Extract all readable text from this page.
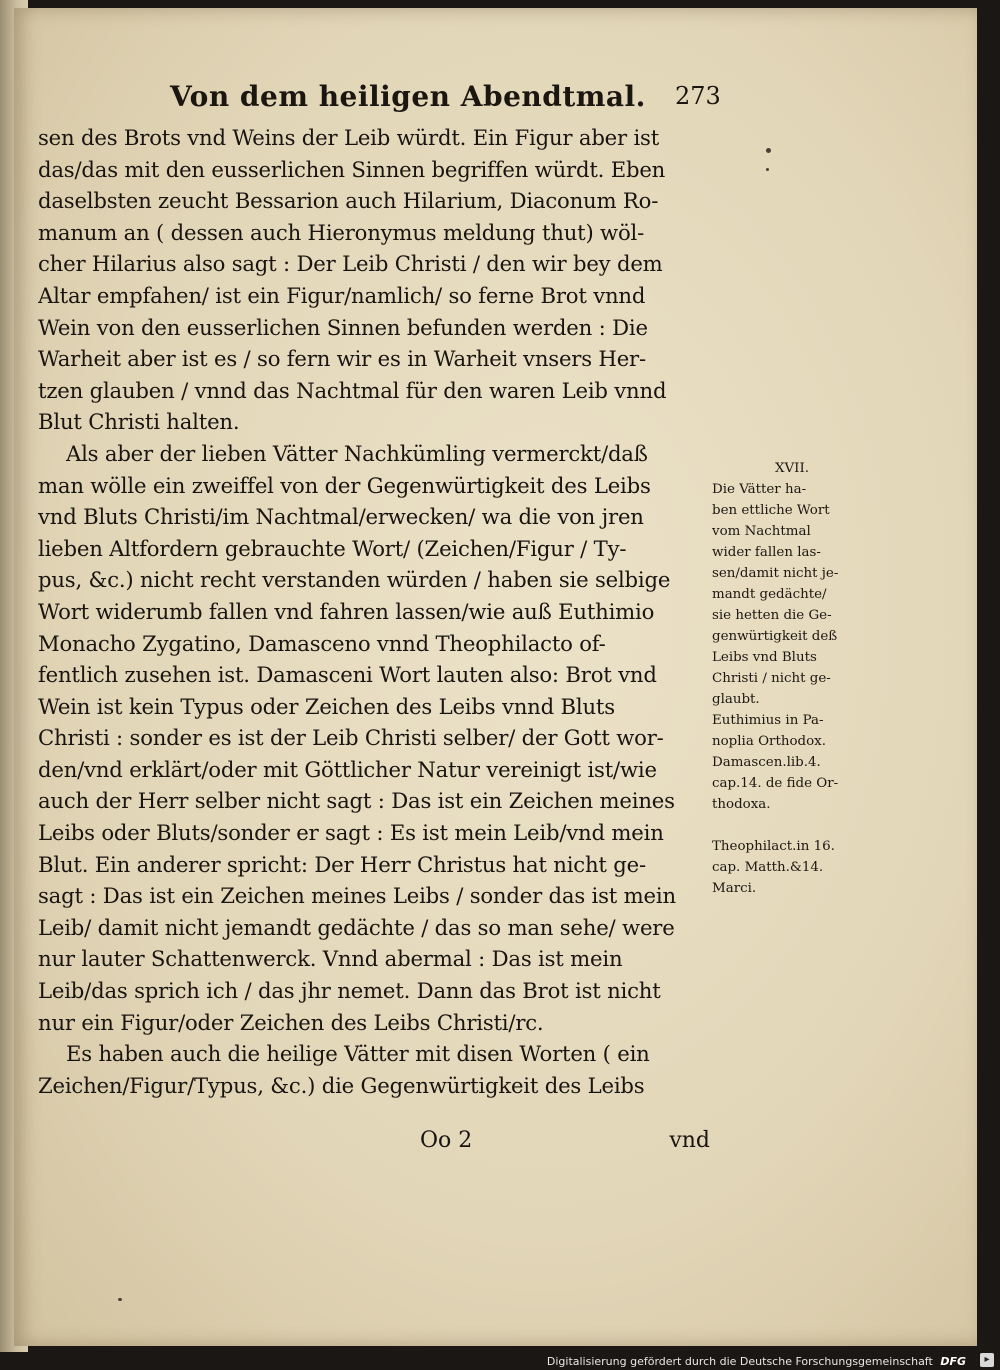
Von dem heiligen Abendtmal. 273
sen des Brots vnd Weins der Leib würdt. Ein Figur aber ist
das/das mit den eusserlichen Sinnen begriffen würdt. Eben
daselbsten zeucht Bessarion auch Hilarium, Diaconum Ro-
manum an ( dessen auch Hieronymus meldung thut) wöl-
cher Hilarius also sagt : Der Leib Christi / den wir bey dem
Altar empfahen/ ist ein Figur/namlich/ so ferne Brot vnnd
Wein von den eusserlichen Sinnen befunden werden : Die
Warheit aber ist es / so fern wir es in Warheit vnsers Her-
tzen glauben / vnnd das Nachtmal für den waren Leib vnnd
Blut Christi halten.
Als aber der lieben Vätter Nachkümling vermerckt/daß
man wölle ein zweiffel von der Gegenwürtigkeit des Leibs
vnd Bluts Christi/im Nachtmal/erwecken/ wa die von jren
lieben Altfordern gebrauchte Wort/ (Zeichen/Figur / Ty-
pus, &c.) nicht recht verstanden würden / haben sie selbige
Wort widerumb fallen vnd fahren lassen/wie auß Euthimio
Monacho Zygatino, Damasceno vnnd Theophilacto of-
fentlich zusehen ist. Damasceni Wort lauten also: Brot vnd
Wein ist kein Typus oder Zeichen des Leibs vnnd Bluts
Christi : sonder es ist der Leib Christi selber/ der Gott wor-
den/vnd erklärt/oder mit Göttlicher Natur vereinigt ist/wie
auch der Herr selber nicht sagt : Das ist ein Zeichen meines
Leibs oder Bluts/sonder er sagt : Es ist mein Leib/vnd mein
Blut. Ein anderer spricht: Der Herr Christus hat nicht ge-
sagt : Das ist ein Zeichen meines Leibs / sonder das ist mein
Leib/ damit nicht jemandt gedächte / das so man sehe/ were
nur lauter Schattenwerck. Vnnd abermal : Das ist mein
Leib/das sprich ich / das jhr nemet. Dann das Brot ist nicht
nur ein Figur/oder Zeichen des Leibs Christi/rc.
Es haben auch die heilige Vätter mit disen Worten ( ein
Zeichen/Figur/Typus, &c.) die Gegenwürtigkeit des Leibs
XVII.
Die Vätter ha-
ben ettliche Wort
vom Nachtmal
wider fallen las-
sen/damit nicht je-
mandt gedächte/
sie hetten die Ge-
genwürtigkeit deß
Leibs vnd Bluts
Christi / nicht ge-
glaubt.
Euthimius in Pa-
noplia Orthodox.
Damascen.lib.4.
cap.14. de fide Or-
thodoxa.
Theophilact.in 16.
cap. Matth.&14.
Marci.
Oo 2	vnd
Digitalisierung gefördert durch die Deutsche Forschungsgemeinschaft DFG	▸
